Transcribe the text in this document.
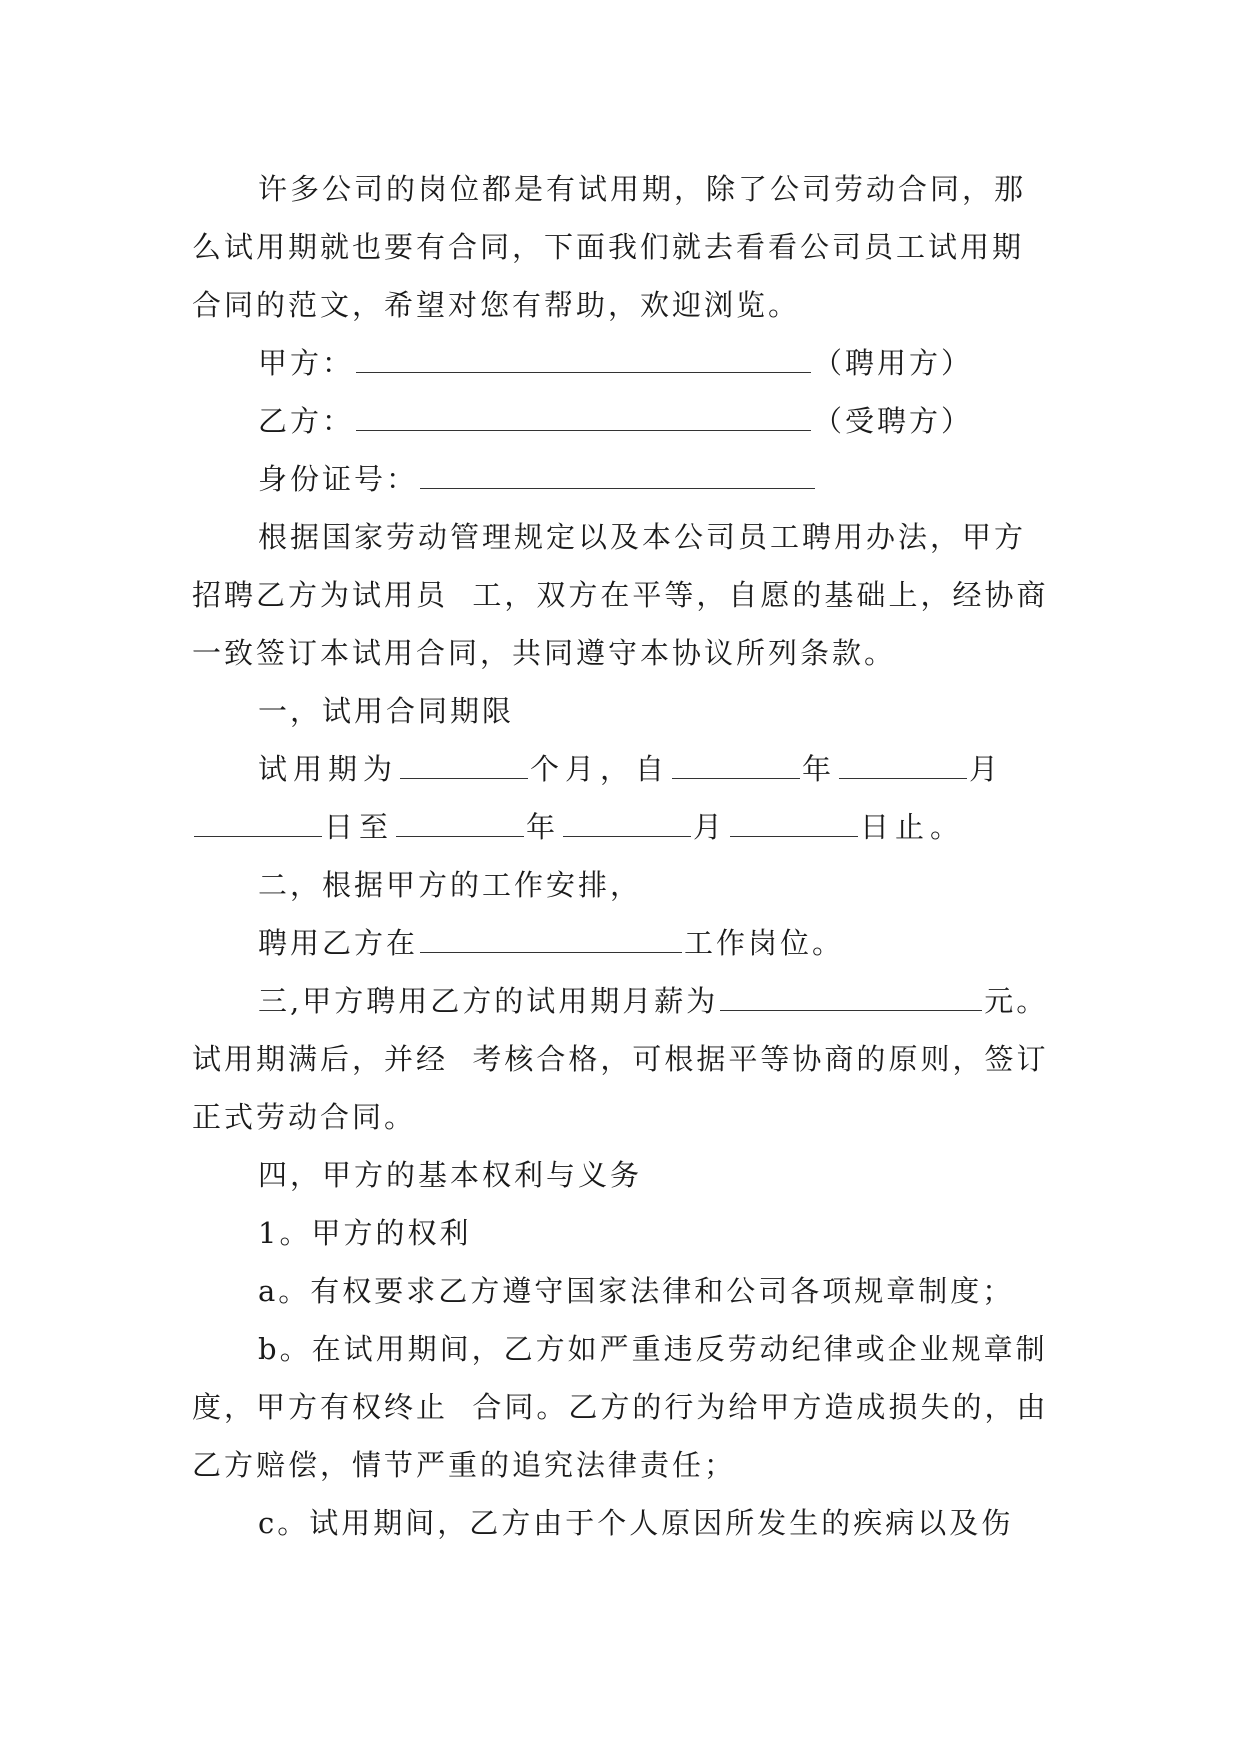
许多公司的岗位都是有试用期，除了公司劳动合同，那么试用期就也要有合同，下面我们就去看看公司员工试用期合同的范文，希望对您有帮助，欢迎浏览。

甲方：	（聘用方）

乙方：	（受聘方）

身份证号：

根据国家劳动管理规定以及本公司员工聘用办法，甲方招聘乙方为试用员  工，双方在平等，自愿的基础上，经协商一致签订本试用合同，共同遵守本协议所列条款。

一，试用合同期限

试用期为	个月，自	年	月日至	年	月	日止。

二，根据甲方的工作安排，

聘用乙方在	工作岗位。

三,甲方聘用乙方的试用期月薪为	元。试用期满后，并经  考核合格，可根据平等协商的原则，签订正式劳动合同。

四，甲方的基本权利与义务

1。甲方的权利

a。有权要求乙方遵守国家法律和公司各项规章制度；

b。在试用期间，乙方如严重违反劳动纪律或企业规章制度，甲方有权终止  合同。乙方的行为给甲方造成损失的，由乙方赔偿，情节严重的追究法律责任；

c。试用期间，乙方由于个人原因所发生的疾病以及伤
